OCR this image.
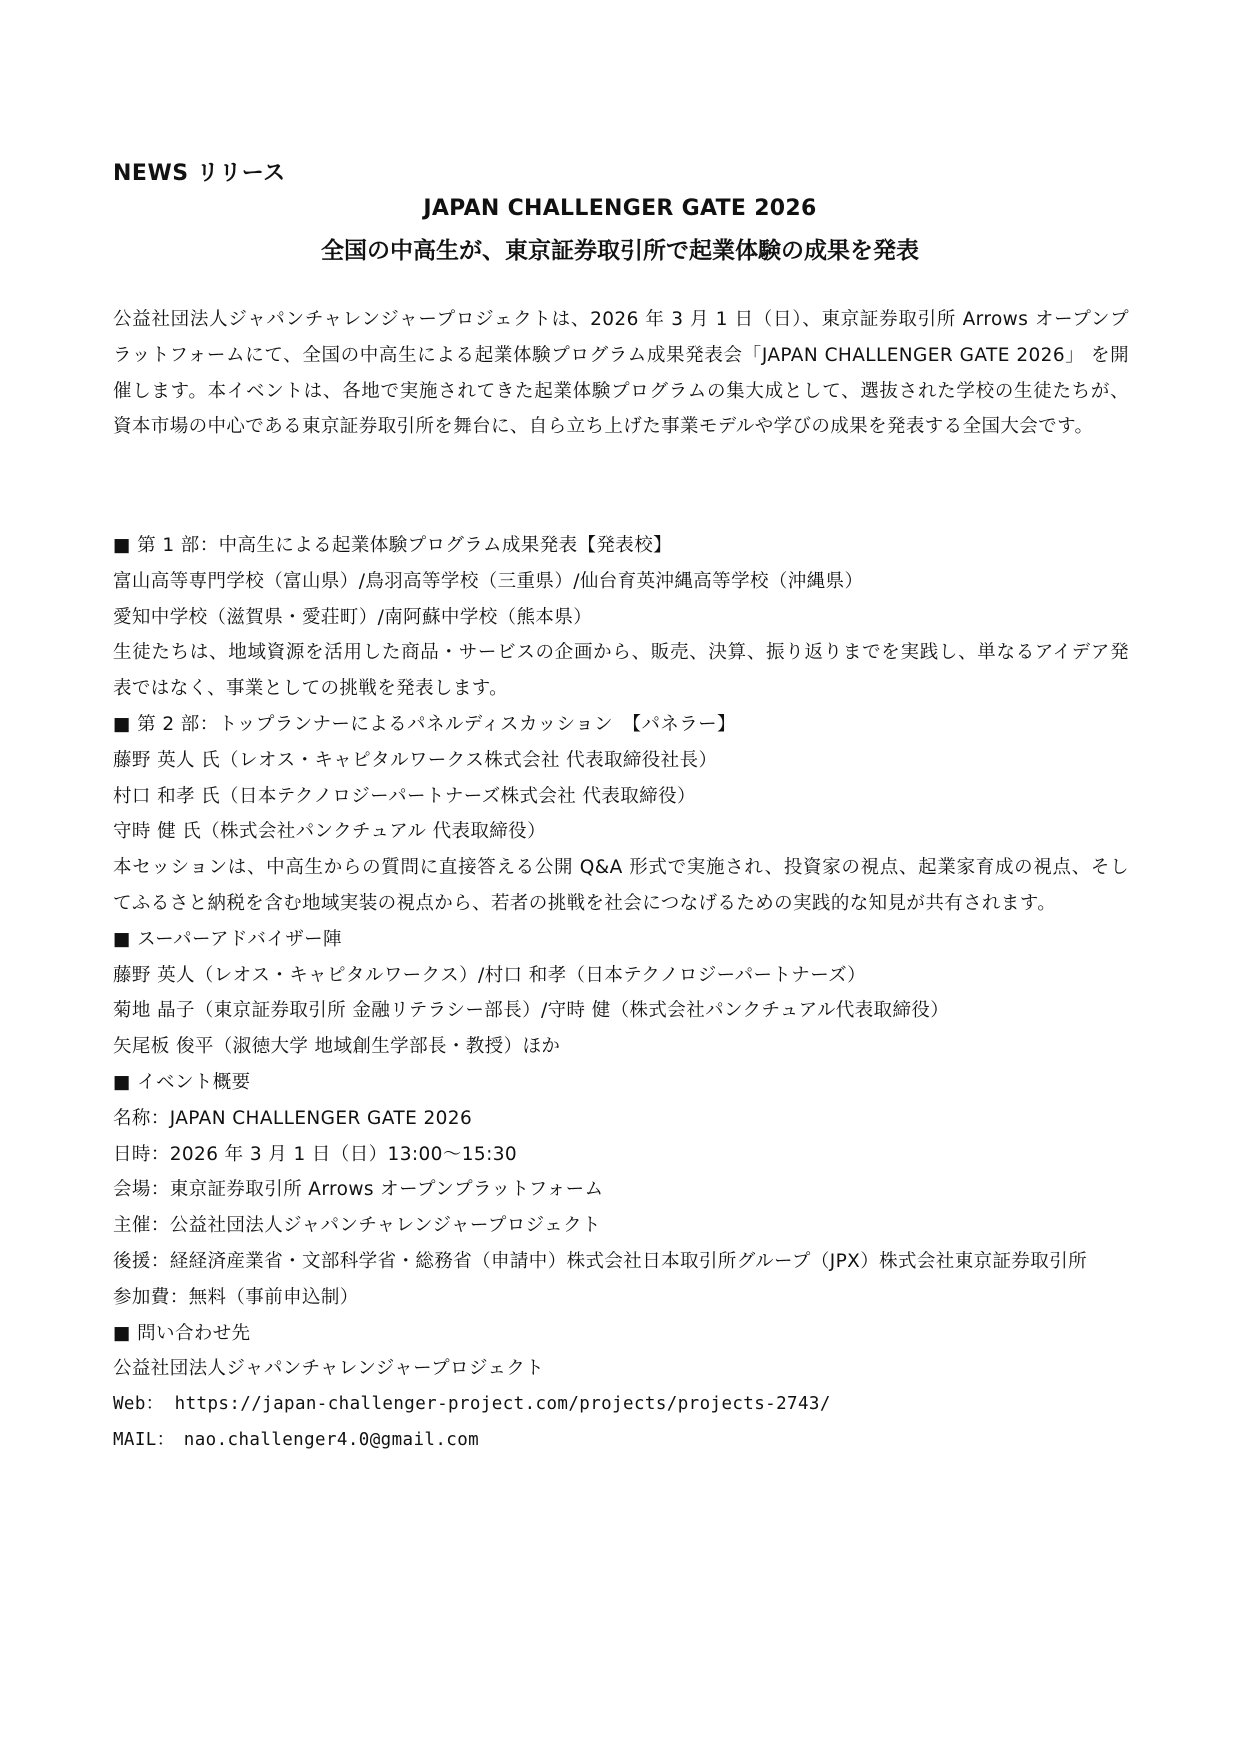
NEWS リリース
JAPAN CHALLENGER GATE 2026
全国の中高生が、東京証券取引所で起業体験の成果を発表
公益社団法人ジャパンチャレンジャープロジェクトは、2026 年 3 月 1 日（日）、東京証券取引所 Arrows オープンプラットフォームにて、全国の中高生による起業体験プログラム成果発表会「JAPAN CHALLENGER GATE 2026」 を開催します。本イベントは、各地で実施されてきた起業体験プログラムの集大成として、選抜された学校の生徒たちが、資本市場の中心である東京証券取引所を舞台に、自ら立ち上げた事業モデルや学びの成果を発表する全国大会です。
■ 第 1 部：中高生による起業体験プログラム成果発表【発表校】
富山高等専門学校（富山県）/鳥羽高等学校（三重県）/仙台育英沖縄高等学校（沖縄県）
愛知中学校（滋賀県・愛荘町）/南阿蘇中学校（熊本県）
生徒たちは、地域資源を活用した商品・サービスの企画から、販売、決算、振り返りまでを実践し、単なるアイデア発表ではなく、事業としての挑戦を発表します。
■ 第 2 部：トップランナーによるパネルディスカッション　【パネラー】
藤野 英人 氏（レオス・キャピタルワークス株式会社 代表取締役社長）
村口 和孝 氏（日本テクノロジーパートナーズ株式会社 代表取締役）
守時 健 氏（株式会社パンクチュアル 代表取締役）
本セッションは、中高生からの質問に直接答える公開 Q&A 形式で実施され、投資家の視点、起業家育成の視点、そしてふるさと納税を含む地域実装の視点から、若者の挑戦を社会につなげるための実践的な知見が共有されます。
■ スーパーアドバイザー陣
藤野 英人（レオス・キャピタルワークス）/村口 和孝（日本テクノロジーパートナーズ）
菊地 晶子（東京証券取引所 金融リテラシー部長）/守時 健（株式会社パンクチュアル代表取締役）
矢尾板 俊平（淑徳大学 地域創生学部長・教授）ほか
■ イベント概要
名称：JAPAN CHALLENGER GATE 2026
日時：2026 年 3 月 1 日（日）13:00～15:30
会場：東京証券取引所 Arrows オープンプラットフォーム
主催：公益社団法人ジャパンチャレンジャープロジェクト
後援：経経済産業省・文部科学省・総務省（申請中）株式会社日本取引所グループ（JPX）株式会社東京証券取引所
参加費：無料（事前申込制）
■ 問い合わせ先
公益社団法人ジャパンチャレンジャープロジェクト
Web： https://japan-challenger-project.com/projects/projects-2743/
MAIL：　nao.challenger4.0@gmail.com
